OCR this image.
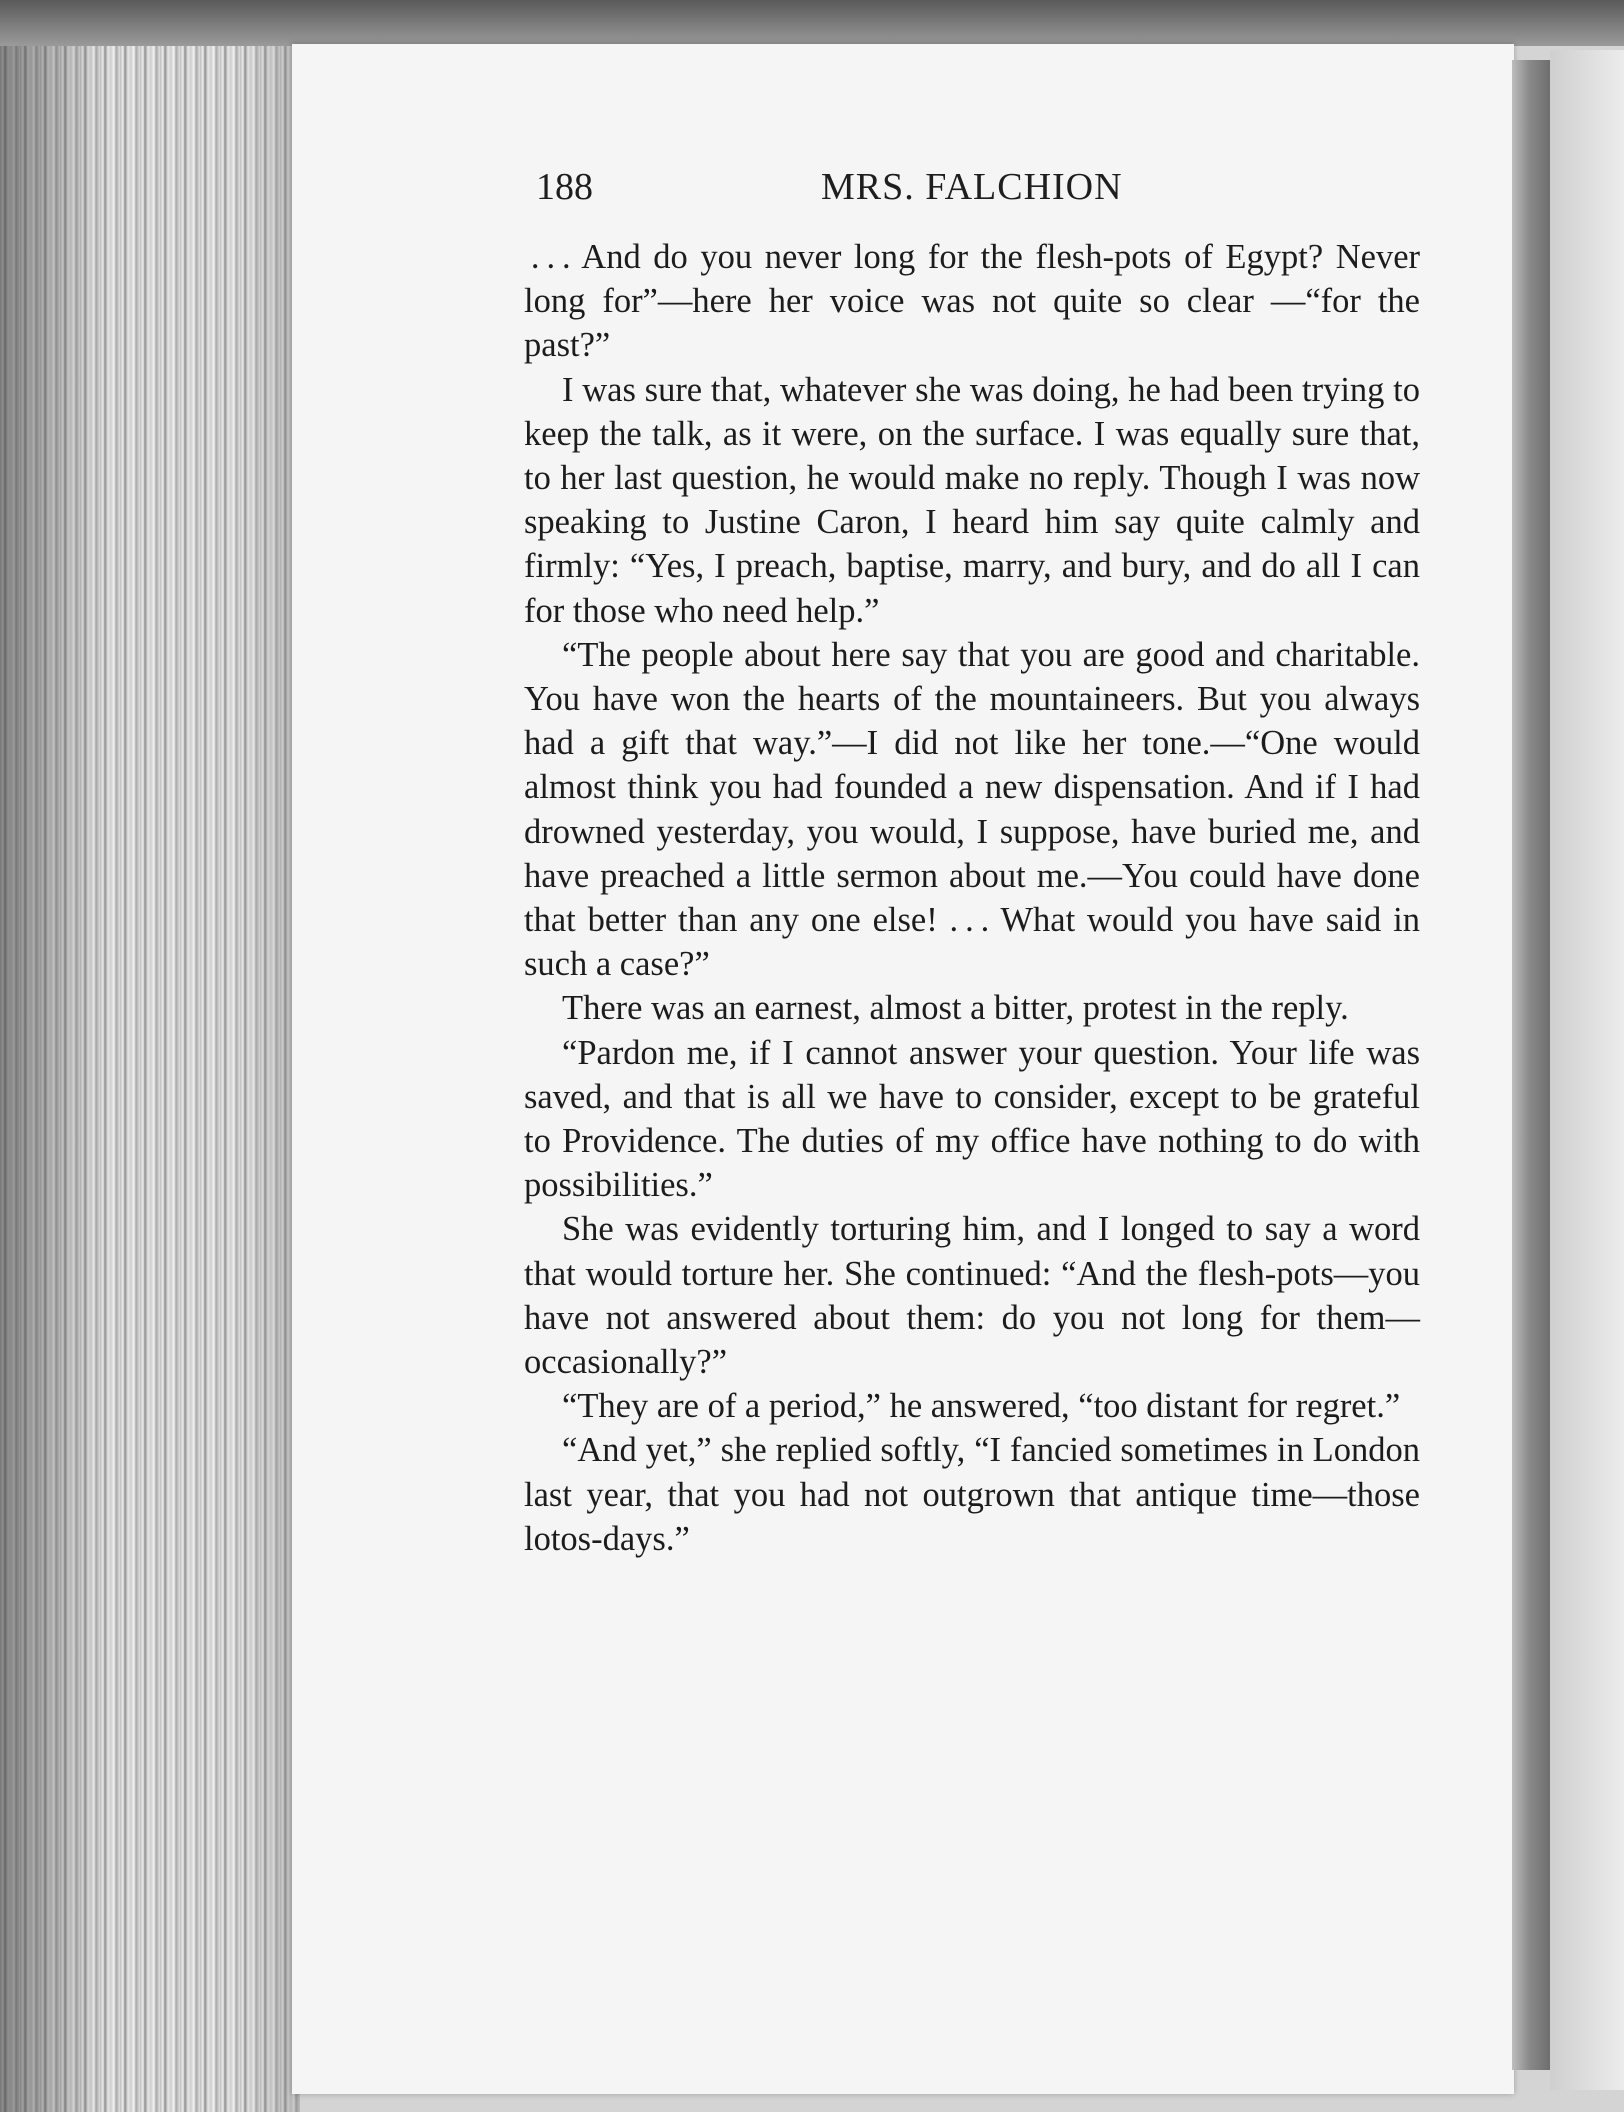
188	MRS. FALCHION

 . . . And do you never long for the flesh-pots of Egypt? Never long for”—here her voice was not quite so clear —“for the past?”

I was sure that, whatever she was doing, he had been trying to keep the talk, as it were, on the surface. I was equally sure that, to her last question, he would make no reply. Though I was now speaking to Justine Caron, I heard him say quite calmly and firmly: “Yes, I preach, baptise, marry, and bury, and do all I can for those who need help.”

“The people about here say that you are good and charitable. You have won the hearts of the mountaineers. But you always had a gift that way.”—I did not like her tone.—“One would almost think you had founded a new dispensation. And if I had drowned yesterday, you would, I suppose, have buried me, and have preached a little sermon about me.—You could have done that better than any one else! . . . What would you have said in such a case?”

There was an earnest, almost a bitter, protest in the reply.

“Pardon me, if I cannot answer your question. Your life was saved, and that is all we have to consider, except to be grateful to Providence. The duties of my office have nothing to do with possibilities.”

She was evidently torturing him, and I longed to say a word that would torture her. She continued: “And the flesh-pots—you have not answered about them: do you not long for them—occasionally?”

“They are of a period,” he answered, “too distant for regret.”

“And yet,” she replied softly, “I fancied sometimes in London last year, that you had not outgrown that antique time—those lotos-days.”
